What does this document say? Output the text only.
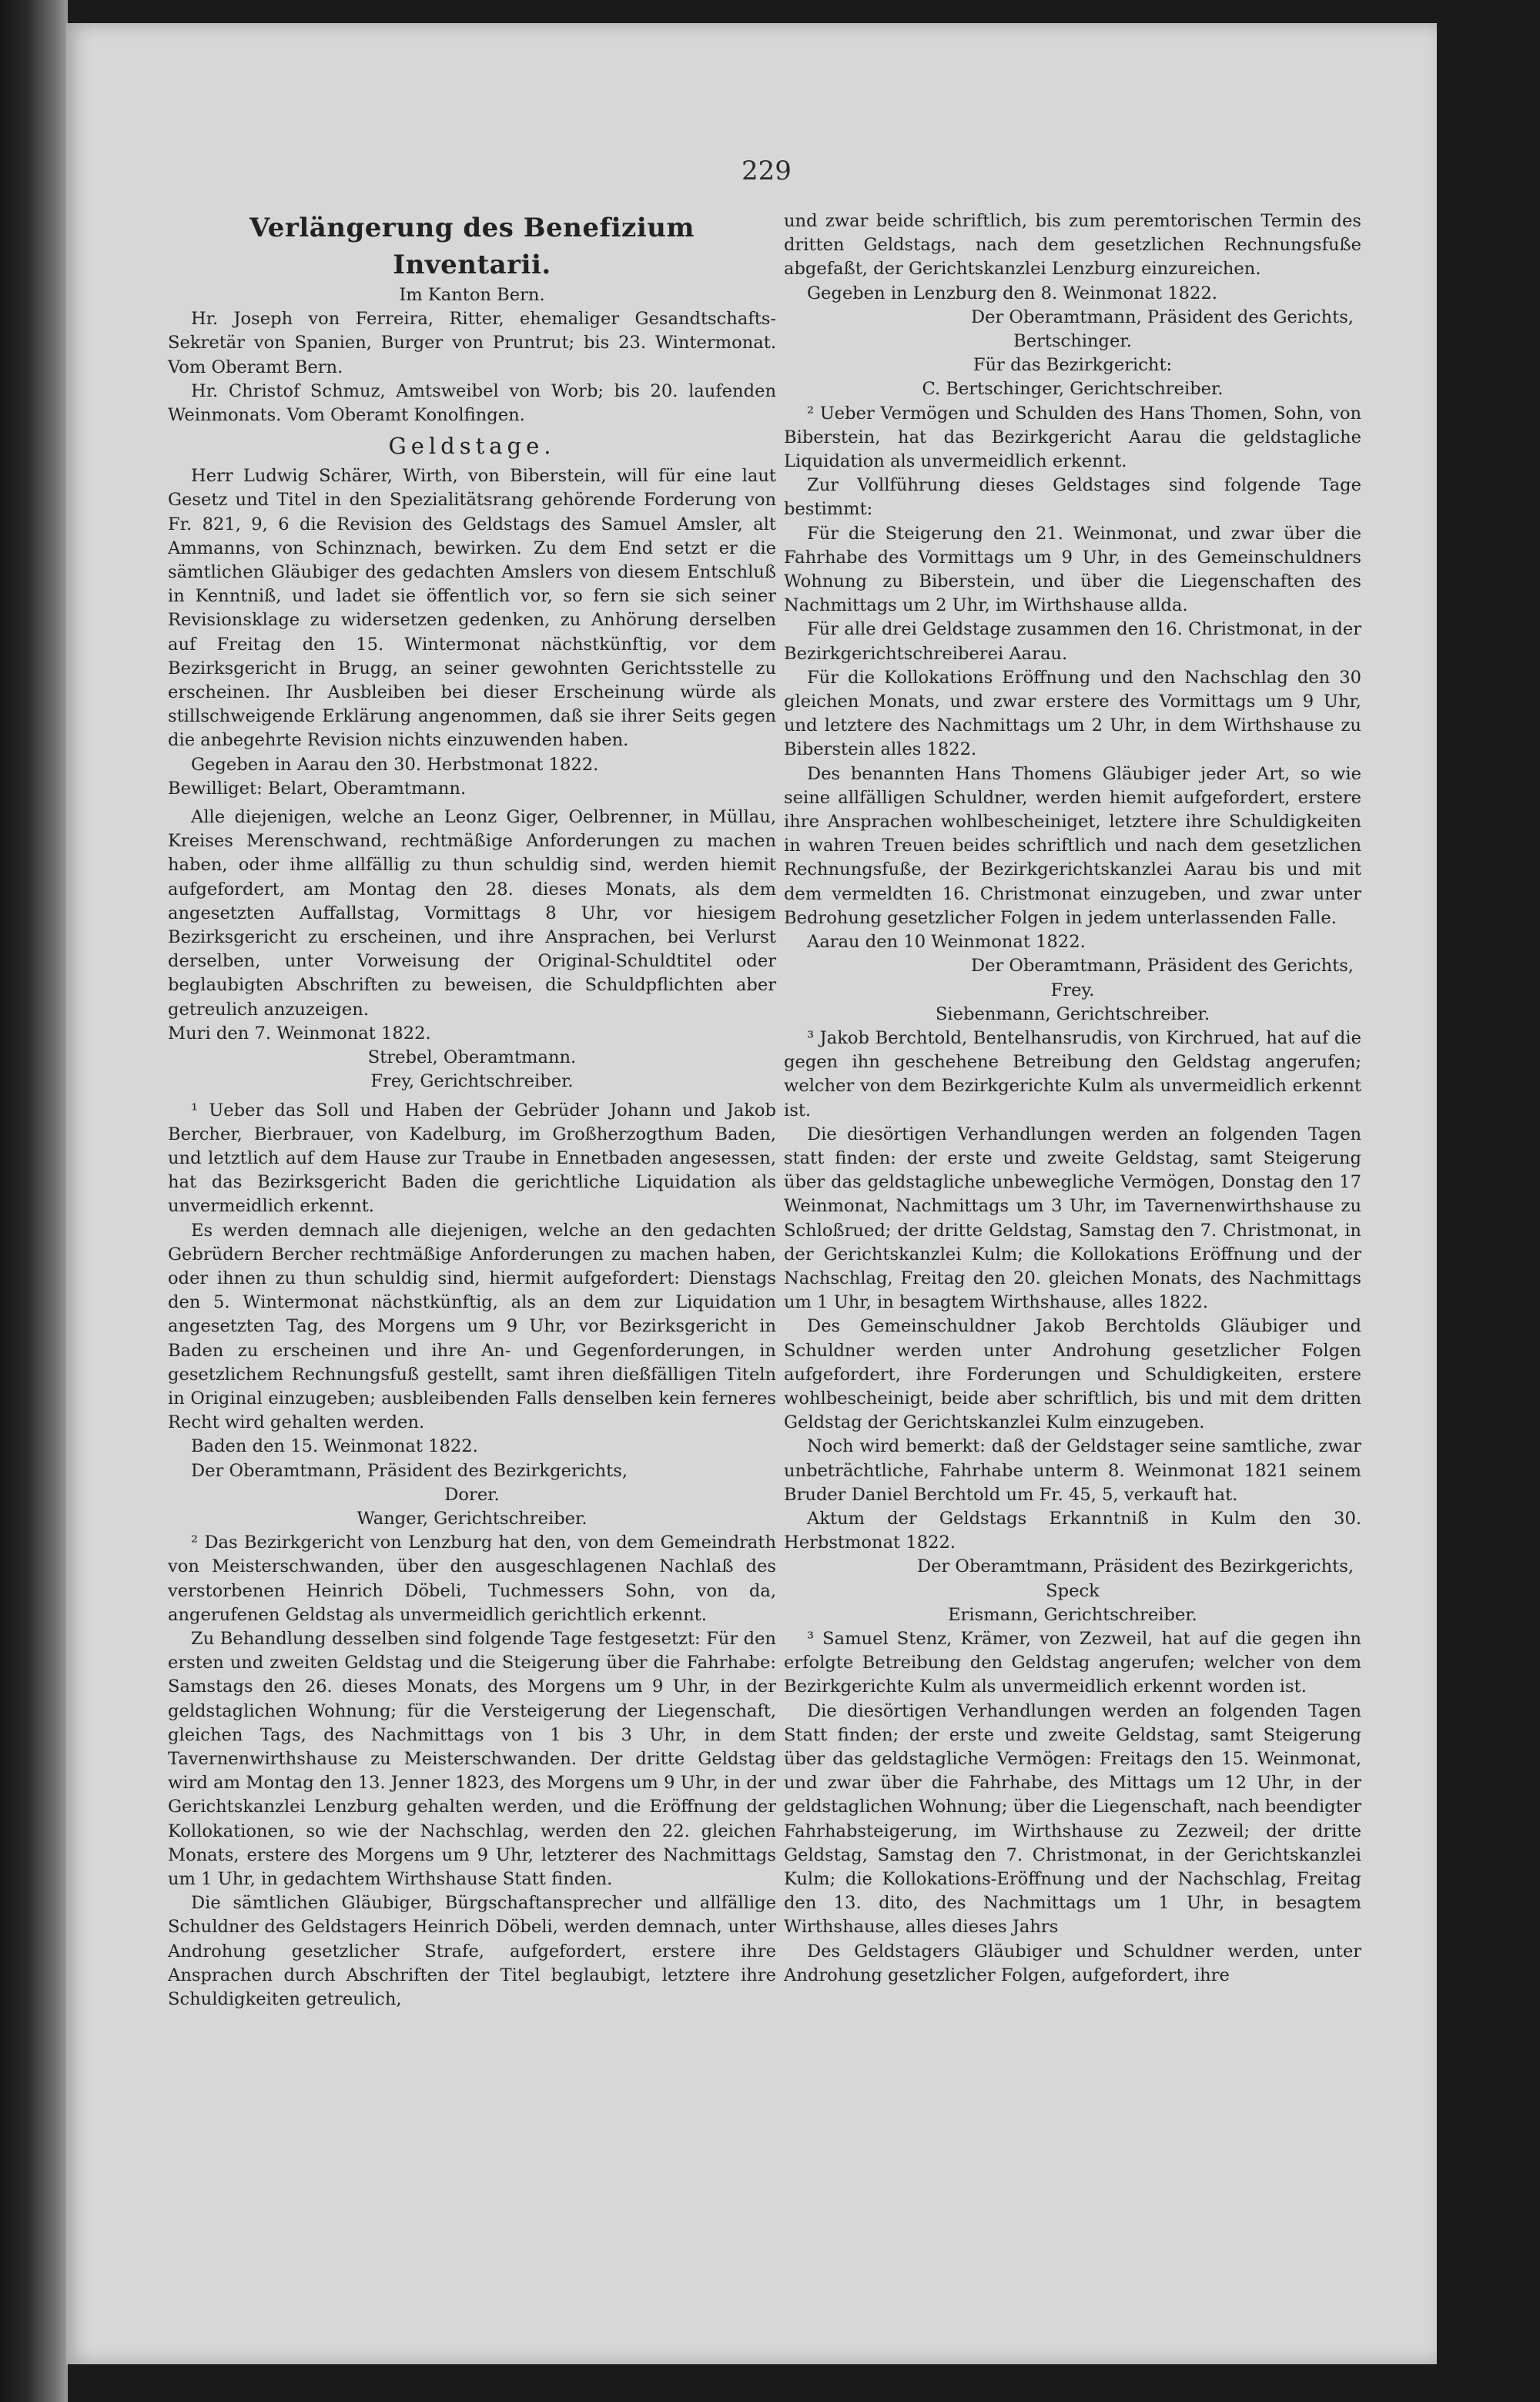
229

Verlängerung des Benefizium Inventarii.

Im Kanton Bern.

Hr. Joseph von Ferreira, Ritter, ehemaliger Gesandtschafts-Sekretär von Spanien, Burger von Pruntrut; bis 23. Wintermonat. Vom Oberamt Bern.

Hr. Christof Schmuz, Amtsweibel von Worb; bis 20. laufenden Weinmonats. Vom Oberamt Konolfingen.

Geldstage.

Herr Ludwig Schärer, Wirth, von Biberstein, will für eine laut Gesetz und Titel in den Spezialitätsrang gehörende Forderung von Fr. 821, 9, 6 die Revision des Geldstags des Samuel Amsler, alt Ammanns, von Schinznach, bewirken. Zu dem End setzt er die sämtlichen Gläubiger des gedachten Amslers von diesem Entschluß in Kenntniß, und ladet sie öffentlich vor, so fern sie sich seiner Revisionsklage zu widersetzen gedenken, zu Anhörung derselben auf Freitag den 15. Wintermonat nächstkünftig, vor dem Bezirksgericht in Brugg, an seiner gewohnten Gerichtsstelle zu erscheinen. Ihr Ausbleiben bei dieser Erscheinung würde als stillschweigende Erklärung angenommen, daß sie ihrer Seits gegen die anbegehrte Revision nichts einzuwenden haben.

Gegeben in Aarau den 30. Herbstmonat 1822.

Bewilliget: Belart, Oberamtmann.

Alle diejenigen, welche an Leonz Giger, Oelbrenner, in Müllau, Kreises Merenschwand, rechtmäßige Anforderungen zu machen haben, oder ihme allfällig zu thun schuldig sind, werden hiemit aufgefordert, am Montag den 28. dieses Monats, als dem angesetzten Auffallstag, Vormittags 8 Uhr, vor hiesigem Bezirksgericht zu erscheinen, und ihre Ansprachen, bei Verlurst derselben, unter Vorweisung der Original-Schuldtitel oder beglaubigten Abschriften zu beweisen, die Schuldpflichten aber getreulich anzuzeigen.

Muri den 7. Weinmonat 1822.

Strebel, Oberamtmann.

Frey, Gerichtschreiber.

¹ Ueber das Soll und Haben der Gebrüder Johann und Jakob Bercher, Bierbrauer, von Kadelburg, im Großherzogthum Baden, und letztlich auf dem Hause zur Traube in Ennetbaden angesessen, hat das Bezirksgericht Baden die gerichtliche Liquidation als unvermeidlich erkennt.

Es werden demnach alle diejenigen, welche an den gedachten Gebrüdern Bercher rechtmäßige Anforderungen zu machen haben, oder ihnen zu thun schuldig sind, hiermit aufgefordert: Dienstags den 5. Wintermonat nächstkünftig, als an dem zur Liquidation angesetzten Tag, des Morgens um 9 Uhr, vor Bezirksgericht in Baden zu erscheinen und ihre An- und Gegenforderungen, in gesetzlichem Rechnungsfuß gestellt, samt ihren dießfälligen Titeln in Original einzugeben; ausbleibenden Falls denselben kein ferneres Recht wird gehalten werden.

Baden den 15. Weinmonat 1822.

Der Oberamtmann, Präsident des Bezirkgerichts,

Dorer.

Wanger, Gerichtschreiber.

² Das Bezirkgericht von Lenzburg hat den, von dem Gemeindrath von Meisterschwanden, über den ausgeschlagenen Nachlaß des verstorbenen Heinrich Döbeli, Tuchmessers Sohn, von da, angerufenen Geldstag als unvermeidlich gerichtlich erkennt.

Zu Behandlung desselben sind folgende Tage festgesetzt: Für den ersten und zweiten Geldstag und die Steigerung über die Fahrhabe: Samstags den 26. dieses Monats, des Morgens um 9 Uhr, in der geldstaglichen Wohnung; für die Versteigerung der Liegenschaft, gleichen Tags, des Nachmittags von 1 bis 3 Uhr, in dem Tavernenwirthshause zu Meisterschwanden. Der dritte Geldstag wird am Montag den 13. Jenner 1823, des Morgens um 9 Uhr, in der Gerichtskanzlei Lenzburg gehalten werden, und die Eröffnung der Kollokationen, so wie der Nachschlag, werden den 22. gleichen Monats, erstere des Morgens um 9 Uhr, letzterer des Nachmittags um 1 Uhr, in gedachtem Wirthshause Statt finden.

Die sämtlichen Gläubiger, Bürgschaftansprecher und allfällige Schuldner des Geldstagers Heinrich Döbeli, werden demnach, unter Androhung gesetzlicher Strafe, aufgefordert, erstere ihre Ansprachen durch Abschriften der Titel beglaubigt, letztere ihre Schuldigkeiten getreulich,

und zwar beide schriftlich, bis zum peremtorischen Termin des dritten Geldstags, nach dem gesetzlichen Rechnungsfuße abgefaßt, der Gerichtskanzlei Lenzburg einzureichen.

Gegeben in Lenzburg den 8. Weinmonat 1822.

Der Oberamtmann, Präsident des Gerichts,

Bertschinger.

Für das Bezirkgericht:

C. Bertschinger, Gerichtschreiber.

² Ueber Vermögen und Schulden des Hans Thomen, Sohn, von Biberstein, hat das Bezirkgericht Aarau die geldstagliche Liquidation als unvermeidlich erkennt.

Zur Vollführung dieses Geldstages sind folgende Tage bestimmt:

Für die Steigerung den 21. Weinmonat, und zwar über die Fahrhabe des Vormittags um 9 Uhr, in des Gemeinschuldners Wohnung zu Biberstein, und über die Liegenschaften des Nachmittags um 2 Uhr, im Wirthshause allda.

Für alle drei Geldstage zusammen den 16. Christmonat, in der Bezirkgerichtschreiberei Aarau.

Für die Kollokations Eröffnung und den Nachschlag den 30 gleichen Monats, und zwar erstere des Vormittags um 9 Uhr, und letztere des Nachmittags um 2 Uhr, in dem Wirthshause zu Biberstein alles 1822.

Des benannten Hans Thomens Gläubiger jeder Art, so wie seine allfälligen Schuldner, werden hiemit aufgefordert, erstere ihre Ansprachen wohlbescheiniget, letztere ihre Schuldigkeiten in wahren Treuen beides schriftlich und nach dem gesetzlichen Rechnungsfuße, der Bezirkgerichtskanzlei Aarau bis und mit dem vermeldten 16. Christmonat einzugeben, und zwar unter Bedrohung gesetzlicher Folgen in jedem unterlassenden Falle.

Aarau den 10 Weinmonat 1822.

Der Oberamtmann, Präsident des Gerichts,

Frey.

Siebenmann, Gerichtschreiber.

³ Jakob Berchtold, Bentelhansrudis, von Kirchrued, hat auf die gegen ihn geschehene Betreibung den Geldstag angerufen; welcher von dem Bezirkgerichte Kulm als unvermeidlich erkennt ist.

Die diesörtigen Verhandlungen werden an folgenden Tagen statt finden: der erste und zweite Geldstag, samt Steigerung über das geldstagliche unbewegliche Vermögen, Donstag den 17 Weinmonat, Nachmittags um 3 Uhr, im Tavernenwirthshause zu Schloßrued; der dritte Geldstag, Samstag den 7. Christmonat, in der Gerichtskanzlei Kulm; die Kollokations Eröffnung und der Nachschlag, Freitag den 20. gleichen Monats, des Nachmittags um 1 Uhr, in besagtem Wirthshause, alles 1822.

Des Gemeinschuldner Jakob Berchtolds Gläubiger und Schuldner werden unter Androhung gesetzlicher Folgen aufgefordert, ihre Forderungen und Schuldigkeiten, erstere wohlbescheinigt, beide aber schriftlich, bis und mit dem dritten Geldstag der Gerichtskanzlei Kulm einzugeben.

Noch wird bemerkt: daß der Geldstager seine samtliche, zwar unbeträchtliche, Fahrhabe unterm 8. Weinmonat 1821 seinem Bruder Daniel Berchtold um Fr. 45, 5, verkauft hat.

Aktum der Geldstags Erkanntniß in Kulm den 30. Herbstmonat 1822.

Der Oberamtmann, Präsident des Bezirkgerichts,

Speck

Erismann, Gerichtschreiber.

³ Samuel Stenz, Krämer, von Zezweil, hat auf die gegen ihn erfolgte Betreibung den Geldstag angerufen; welcher von dem Bezirkgerichte Kulm als unvermeidlich erkennt worden ist.

Die diesörtigen Verhandlungen werden an folgenden Tagen Statt finden; der erste und zweite Geldstag, samt Steigerung über das geldstagliche Vermögen: Freitags den 15. Weinmonat, und zwar über die Fahrhabe, des Mittags um 12 Uhr, in der geldstaglichen Wohnung; über die Liegenschaft, nach beendigter Fahrhabsteigerung, im Wirthshause zu Zezweil; der dritte Geldstag, Samstag den 7. Christmonat, in der Gerichtskanzlei Kulm; die Kollokations-Eröffnung und der Nachschlag, Freitag den 13. dito, des Nachmittags um 1 Uhr, in besagtem Wirthshause, alles dieses Jahrs

Des Geldstagers Gläubiger und Schuldner werden, unter Androhung gesetzlicher Folgen, aufgefordert, ihre
